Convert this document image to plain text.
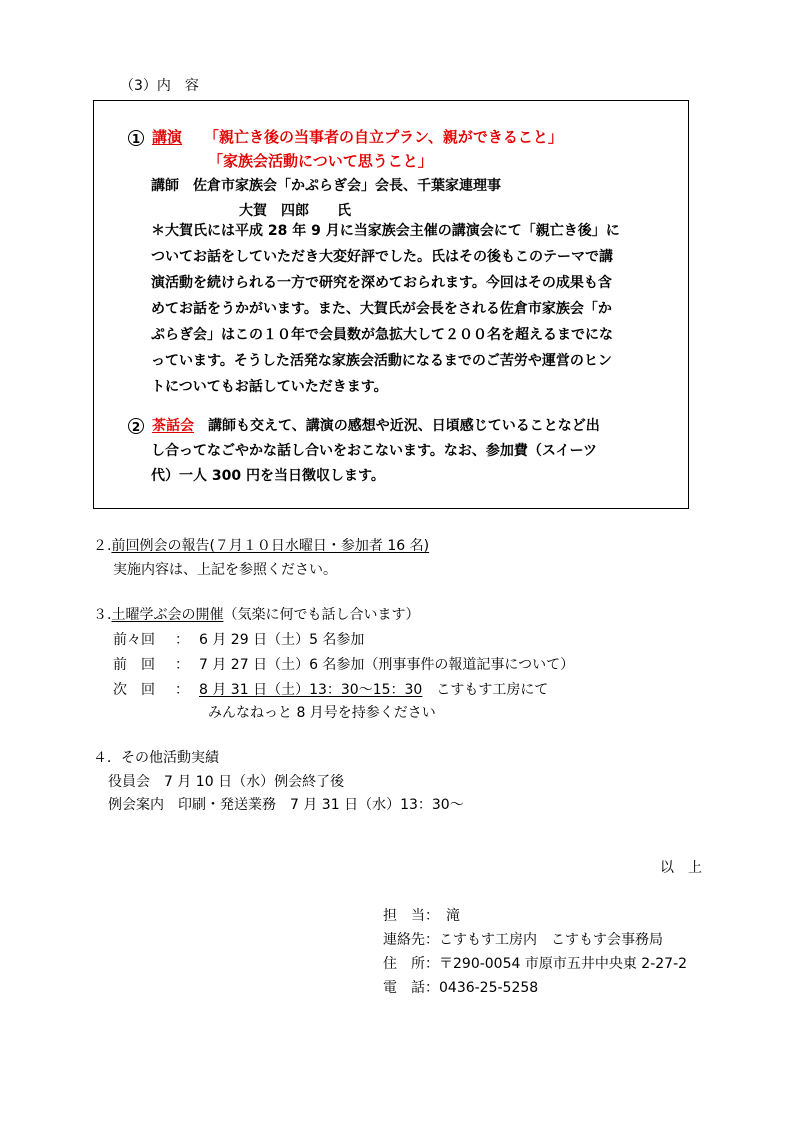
（3）内　容
1 講演 「親亡き後の当事者の自立プラン、親ができること」
「家族会活動について思うこと」
講師　佐倉市家族会「かぷらぎ会」会長、千葉家連理事
大賀　四郎　　氏
＊大賀氏には平成 28 年 9 月に当家族会主催の講演会にて「親亡き後」に
ついてお話をしていただき大変好評でした。氏はその後もこのテーマで講
演活動を続けられる一方で研究を深めておられます。今回はその成果も含
めてお話をうかがいます。また、大賀氏が会長をされる佐倉市家族会「か
ぷらぎ会」はこの１０年で会員数が急拡大して２００名を超えるまでにな
っています。そうした活発な家族会活動になるまでのご苦労や運営のヒン
トについてもお話していただきます。
2 茶話会　講師も交えて、講演の感想や近況、日頃感じていることなど出
し合ってなごやかな話し合いをおこないます。なお、参加費（スイーツ
代）一人 300 円を当日徴収します。
２.前回例会の報告(７月１０日水曜日・参加者 16 名)
実施内容は、上記を参照ください。
３.土曜学ぶ会の開催（気楽に何でも話し合います）
前々回 ： 6 月 29 日（土）5 名参加
前　回 ： 7 月 27 日（土）6 名参加（刑事事件の報道記事について）
次　回 ： 8 月 31 日（土）13：30～15：30　こすもす工房にて
みんなねっと 8 月号を持参ください
４．その他活動実績
役員会　7 月 10 日（水）例会終了後
例会案内　印刷・発送業務　7 月 31 日（水）13：30～
以　上
担　当：　滝
連絡先：こすもす工房内　こすもす会事務局
住　所：〒290-0054 市原市五井中央東 2-27-2
電　話：0436-25-5258
